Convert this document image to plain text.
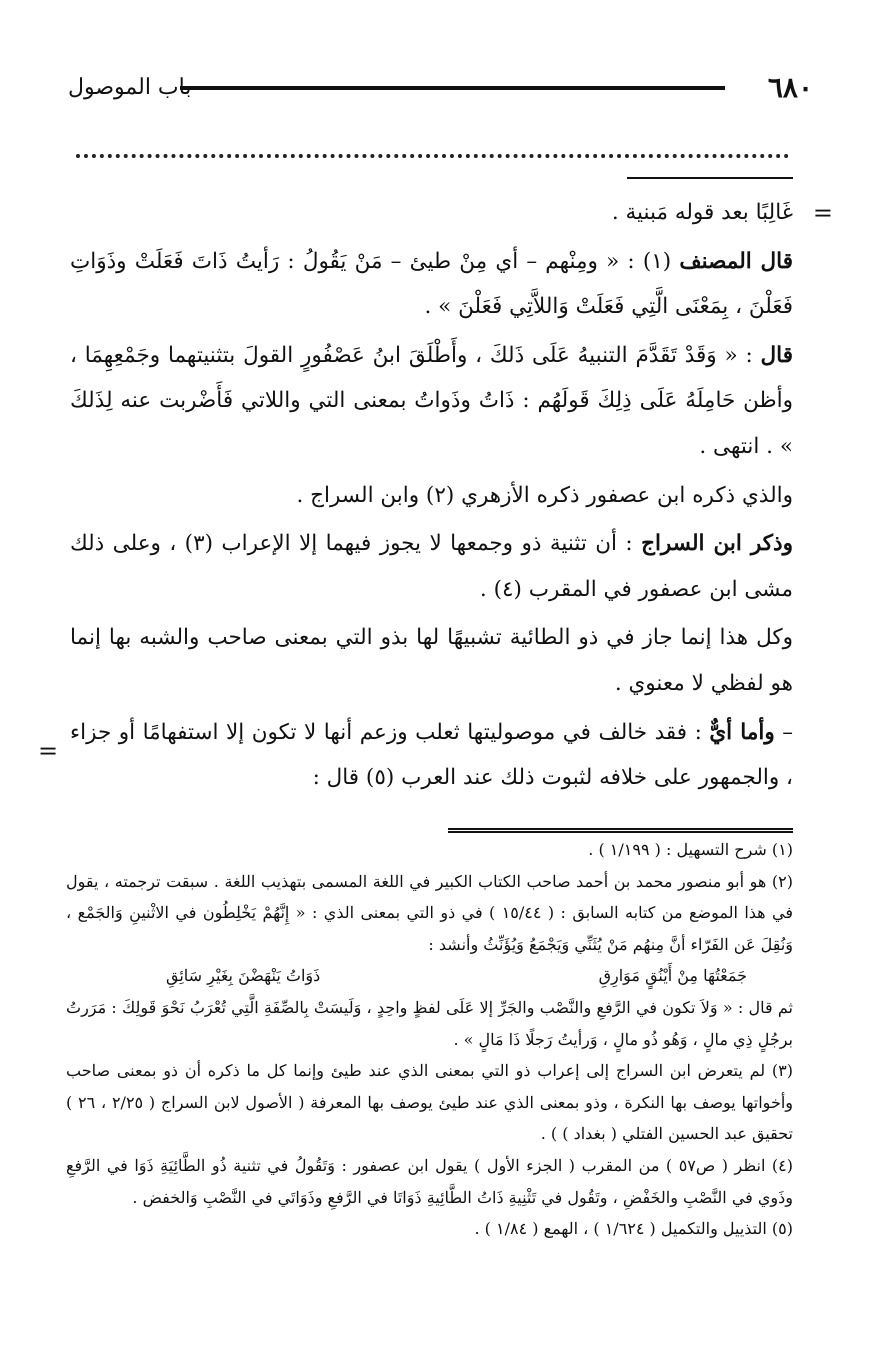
٦٨٠
باب الموصول
=
=

غَالِبًا بعد قوله مَبنية .

قال المصنف (١) : « ومِنْهم – أي مِنْ طيئ – مَنْ يَقُولُ : رَأيتُ ذَاتَ فَعَلَتْ وذَوَاتِ فَعَلْنَ ، بِمَعْنَى الَّتِي فَعَلَتْ وَاللاَّتِي فَعَلْنَ » .

قال : « وَقَدْ تَقَدَّمَ التنبيهُ عَلَى ذَلكَ ، وأَطْلَقَ ابنُ عَصْفُورٍ القولَ بتثنيتهما وجَمْعِهِمَا ، وأظن حَامِلَهُ عَلَى ذِلِكَ قَولَهُم : ذَاتُ وذَواتُ بمعنى التي واللاتي فَأَضْربت عنه لِذَلكَ » . انتهى .

والذي ذكره ابن عصفور ذكره الأزهري (٢) وابن السراج .

وذكر ابن السراج : أن تثنية ذو وجمعها لا يجوز فيهما إلا الإعراب (٣) ، وعلى ذلك مشى ابن عصفور في المقرب (٤) .

وكل هذا إنما جاز في ذو الطائية تشبيهًا لها بذو التي بمعنى صاحب والشبه بها إنما هو لفظي لا معنوي .

– وأما أيٌّ : فقد خالف في موصوليتها ثعلب وزعم أنها لا تكون إلا استفهامًا أو جزاء ، والجمهور على خلافه لثبوت ذلك عند العرب (٥) قال :

(١) شرح التسهيل : ( ١/١٩٩ ) .

(٢) هو أبو منصور محمد بن أحمد صاحب الكتاب الكبير في اللغة المسمى بتهذيب اللغة . سبقت ترجمته ، يقول في هذا الموضع من كتابه السابق : ( ١٥/٤٤ ) في ذو التي بمعنى الذي : « إِنَّهُمْ يَخْلِطُون في الاثْنينِ وَالجَمْع ، وَنُقِلَ عَن الفَرّاء أنَّ مِنهُم مَنْ يُثَنِّي وَيَجْمَعُ وَيُؤَنِّثُ وأنشد :

جَمَعْتُهَا مِنْ أَيْنُقٍ مَوَارِقِ
ذَوَاتُ يَنْهَضْنَ بِغَيْرِ سَائِقِ

ثم قال : « وَلاَ تكون في الرَّفعِ والنَّصْب والجَرِّ إلا عَلَى لفظٍ واحِدٍ ، وَلَيسَتْ بِالصِّفَةِ الَّتِي تُعْرَبُ نَحْوَ قَولِكَ : مَرَرتُ برجُلٍ ذِي مالٍ ، وَهُو ذُو مالٍ ، وَرأيتُ رَجلًا ذَا مَالٍ » .

(٣) لم يتعرض ابن السراج إلى إعراب ذو التي بمعنى الذي عند طيئ وإنما كل ما ذكره أن ذو بمعنى صاحب وأخواتها يوصف بها النكرة ، وذو بمعنى الذي عند طيئ يوصف بها المعرفة ( الأصول لابن السراج ( ٢/٢٥ ، ٢٦ ) تحقيق عبد الحسين الفتلي ( بغداد ) ) .

(٤) انظر ( ص٥٧ ) من المقرب ( الجزء الأول ) يقول ابن عصفور : وَتَقُولُ في تثنية ذُو الطَّائِيَةِ ذَوَا في الرَّفعِ وذَوي في النَّصْبِ والخَفْضِ ، وتَقُول في تَثْنِيةِ ذَاتُ الطَّائِيةِ ذَوَاتَا في الرَّفعِ وذَوَاتَي في النَّصْبِ وَالخفض .

(٥) التذييل والتكميل ( ١/٦٢٤ ) ، الهمع ( ١/٨٤ ) .
